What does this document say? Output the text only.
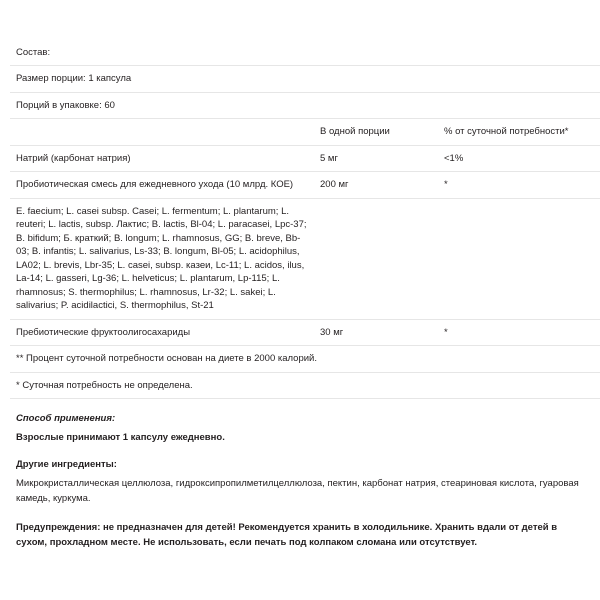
Состав:		
Размер порции: 1 капсула		
Порций в упаковке: 60		
	В одной порции	% от суточной потребности*
Натрий (карбонат натрия)	5 мг	<1%
Пробиотическая смесь для ежедневного ухода (10 млрд. КОЕ)	200 мг	*
E. faecium; L. casei subsp. Casei; L. fermentum; L. plantarum; L. reuteri; L. lactis, subsp. Лактис; B. lactis, Bl-04; L. paracasei, Lpc-37; B. bifidum; Б. краткий; B. longum; L. rhamnosus, GG; B. breve, Bb-03; B. infantis; L. salivarius, Ls-33; B. longum, Bl-05; L. acidophilus, LA02; L. brevis, Lbr-35; L. casei, subsp. казеи, Lc-11; L. acidos, ilus, La-14; L. gasseri, Lg-36; L. helveticus; L. plantarum, Lp-115; L. rhamnosus; S. thermophilus; L. rhamnosus, Lr-32; L. sakei; L. salivarius; P. acidilactici, S. thermophilus, St-21		
Пребиотические фруктоолигосахариды	30 мг	*
** Процент суточной потребности основан на диете в 2000 калорий.		
* Суточная потребность не определена.		

Способ применения:

Взрослые принимают 1 капсулу ежедневно.

Другие ингредиенты:

Микрокристаллическая целлюлоза, гидроксипропилметилцеллюлоза, пектин, карбонат натрия, стеариновая кислота, гуаровая камедь, куркума.

Предупреждения: не предназначен для детей! Рекомендуется хранить в холодильнике. Хранить вдали от детей в сухом, прохладном месте. Не использовать, если печать под колпаком сломана или отсутствует.
